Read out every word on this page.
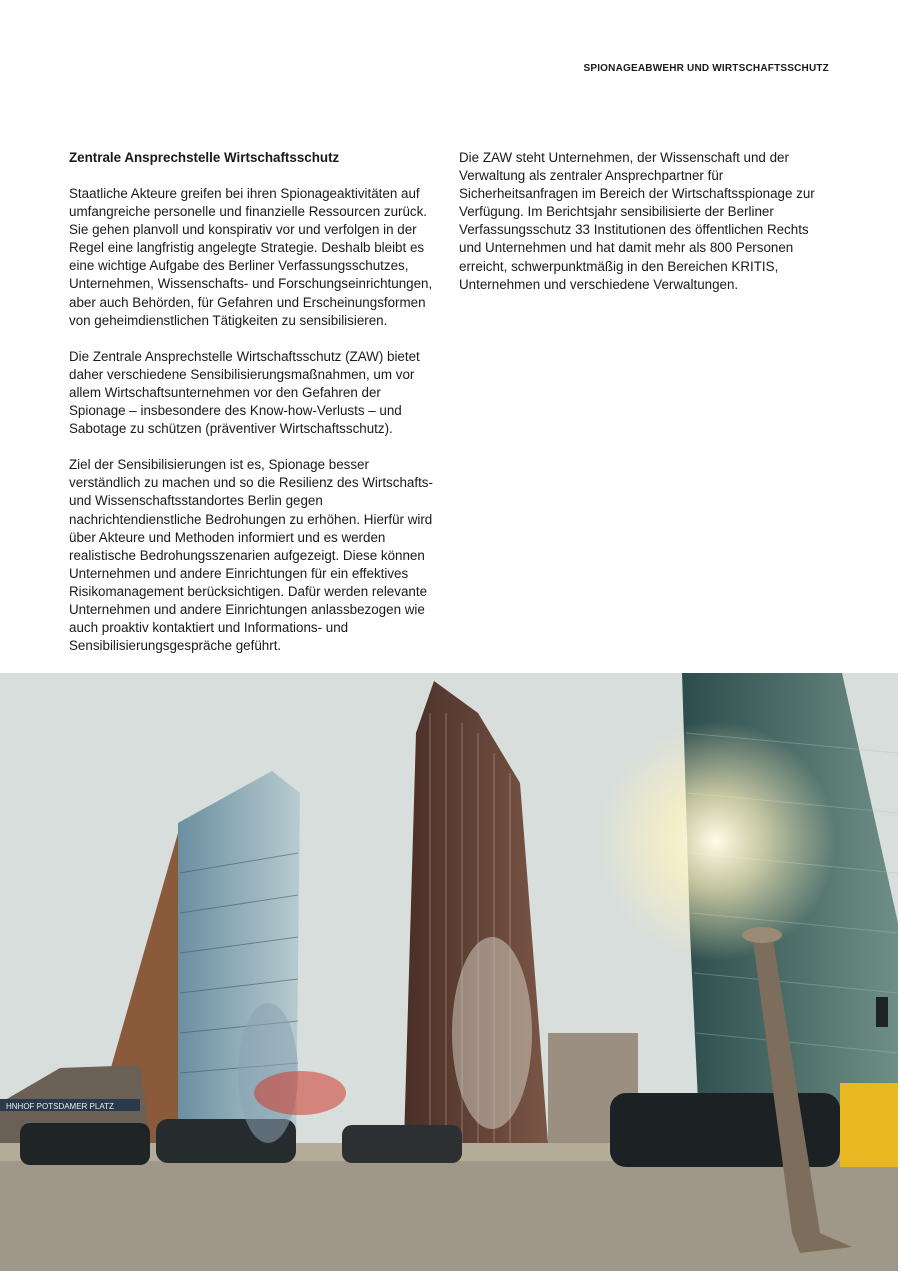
SPIONAGEABWEHR UND WIRTSCHAFTSSCHUTZ
Zentrale Ansprechstelle Wirtschaftsschutz

Staatliche Akteure greifen bei ihren Spionageaktivitäten auf umfangreiche personelle und finanzielle Ressourcen zurück. Sie gehen planvoll und konspirativ vor und verfolgen in der Regel eine langfristig angelegte Strategie. Deshalb bleibt es eine wichtige Aufgabe des Berliner Verfassungsschutzes, Unternehmen, Wissenschafts- und Forschungseinrichtungen, aber auch Behörden, für Gefahren und Erscheinungsformen von geheimdienstlichen Tätigkeiten zu sensibilisieren.

Die Zentrale Ansprechstelle Wirtschaftsschutz (ZAW) bietet daher verschiedene Sensibilisierungsmaßnahmen, um vor allem Wirtschaftsunternehmen vor den Gefahren der Spionage – insbesondere des Know-how-Verlusts – und Sabotage zu schützen (präventiver Wirtschaftsschutz).

Ziel der Sensibilisierungen ist es, Spionage besser verständlich zu machen und so die Resilienz des Wirtschafts- und Wissenschaftsstandortes Berlin gegen nachrichtendienstliche Bedrohungen zu erhöhen. Hierfür wird über Akteure und Methoden informiert und es werden realistische Bedrohungsszenarien aufgezeigt. Diese können Unternehmen und andere Einrichtungen für ein effektives Risikomanagement berücksichtigen. Dafür werden relevante Unternehmen und andere Einrichtungen anlassbezogen wie auch proaktiv kontaktiert und Informations- und Sensibilisierungsgespräche geführt.

Die ZAW steht Unternehmen, der Wissenschaft und der Verwaltung als zentraler Ansprechpartner für Sicherheitsanfragen im Bereich der Wirtschaftsspionage zur Verfügung. Im Berichtsjahr sensibilisierte der Berliner Verfassungsschutz 33 Institutionen des öffentlichen Rechts und Unternehmen und hat damit mehr als 800 Personen erreicht, schwerpunktmäßig in den Bereichen KRITIS, Unternehmen und verschiedene Verwaltungen.

HNHOF POTSDAMER PLATZ
